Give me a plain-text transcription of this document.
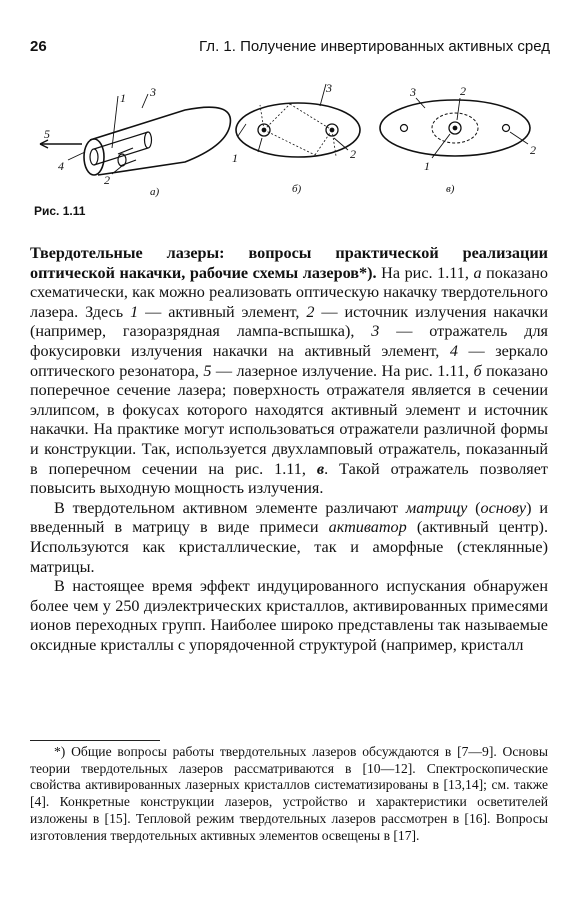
26	Гл. 1. Получение инвертированных активных сред
1 3
5
4
2
а)
3
1	2
б)
3	2
1
2
в)
Рис. 1.11

Твердотельные лазеры: вопросы практической реализации оптической накачки, рабочие схемы лазеров*). На рис. 1.11, а показано схематически, как можно реализовать оптическую накачку твердотельного лазера. Здесь 1 — активный элемент, 2 — источник излучения накачки (например, газоразрядная лампа-вспышка), 3 — отражатель для фокусировки излучения накачки на активный элемент, 4 — зеркало оптического резонатора, 5 — лазерное излучение. На рис. 1.11, б показано поперечное сечение лазера; поверхность отражателя является в сечении эллипсом, в фокусах которого находятся активный элемент и источник накачки. На практике могут использоваться отражатели различной формы и конструкции. Так, используется двухламповый отражатель, показанный в поперечном сечении на рис. 1.11, в. Такой отражатель позволяет повысить выходную мощность излучения.

В твердотельном активном элементе различают матрицу (основу) и введенный в матрицу в виде примеси активатор (активный центр). Используются как кристаллические, так и аморфные (стеклянные) матрицы.

В настоящее время эффект индуцированного испускания обнаружен более чем у 250 диэлектрических кристаллов, активированных примесями ионов переходных групп. Наиболее широко представлены так называемые оксидные кристаллы с упорядоченной структурой (например, кристалл

*) Общие вопросы работы твердотельных лазеров обсуждаются в [7—9]. Основы теории твердотельных лазеров рассматриваются в [10—12]. Спектроскопические свойства активированных лазерных кристаллов систематизированы в [13,14]; см. также [4]. Конкретные конструкции лазеров, устройство и характеристики осветителей изложены в [15]. Тепловой режим твердотельных лазеров рассмотрен в [16]. Вопросы изготовления твердотельных активных элементов освещены в [17].
